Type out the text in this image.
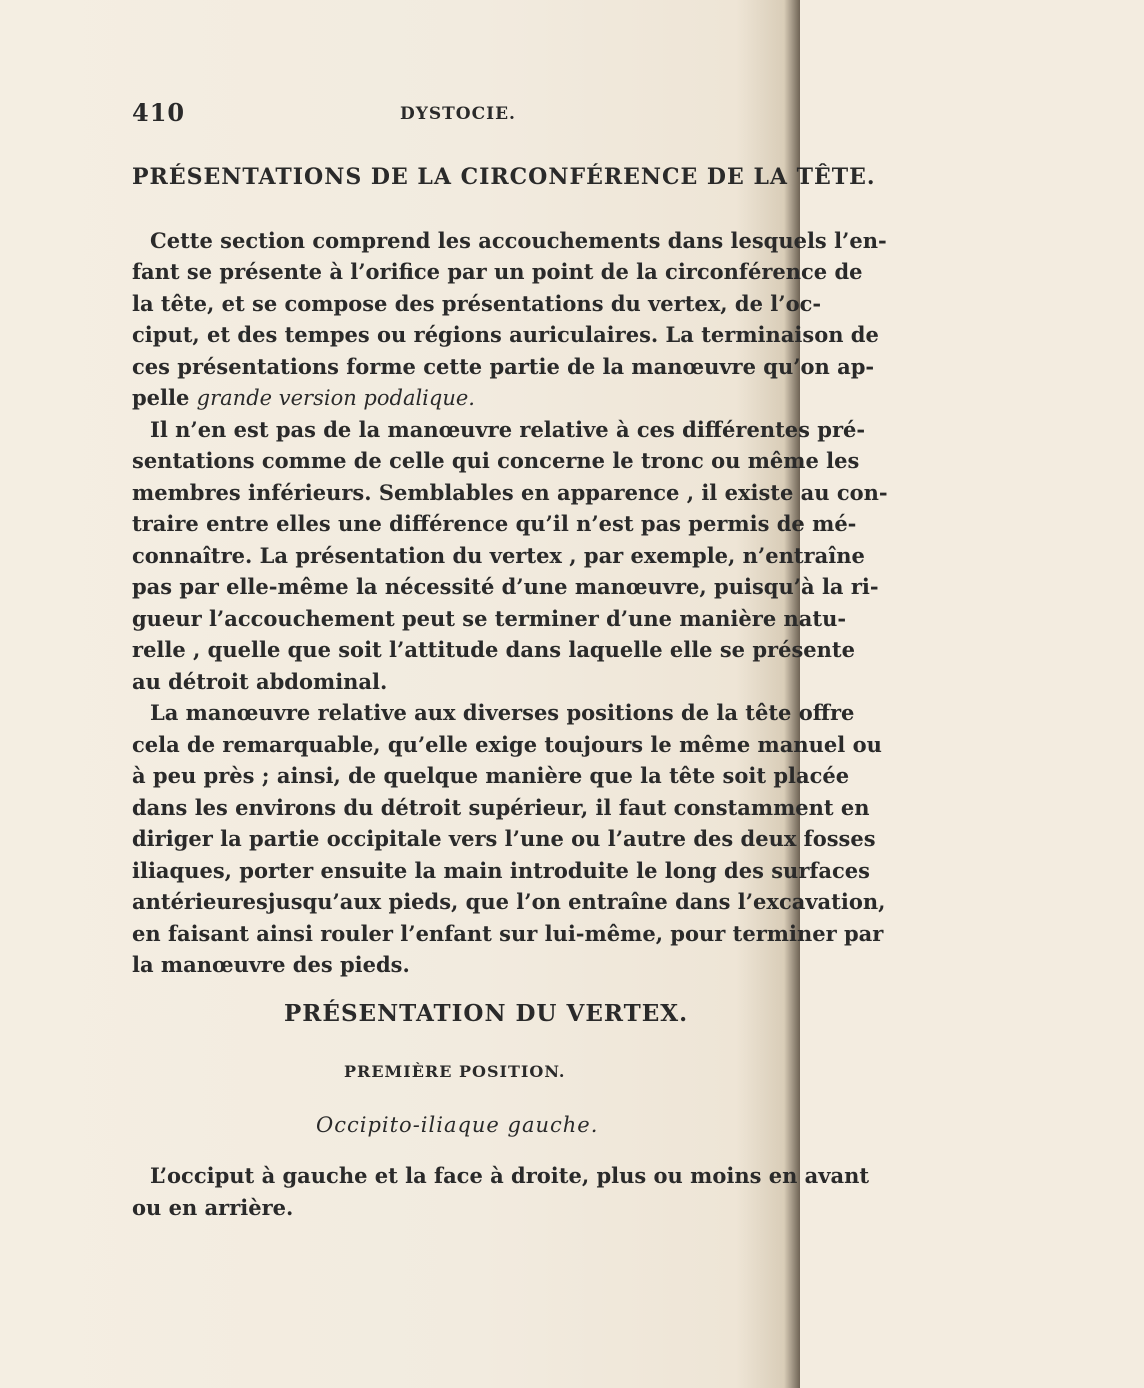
410	DYSTOCIE.
PRÉSENTATIONS DE LA CIRCONFÉRENCE DE LA TÊTE.
Cette section comprend les accouchements dans lesquels l’en-
fant se présente à l’orifice par un point de la circonférence de
la tête, et se compose des présentations du vertex, de l’oc-
ciput, et des tempes ou régions auriculaires. La terminaison de
ces présentations forme cette partie de la manœuvre qu’on ap-
pelle grande version podalique.
Il n’en est pas de la manœuvre relative à ces différentes pré-
sentations comme de celle qui concerne le tronc ou même les
membres inférieurs. Semblables en apparence , il existe au con-
traire entre elles une différence qu’il n’est pas permis de mé-
connaître. La présentation du vertex , par exemple, n’entraîne
pas par elle-même la nécessité d’une manœuvre, puisqu’à la ri-
gueur l’accouchement peut se terminer d’une manière natu-
relle , quelle que soit l’attitude dans laquelle elle se présente
au détroit abdominal.
La manœuvre relative aux diverses positions de la tête offre
cela de remarquable, qu’elle exige toujours le même manuel ou
à peu près ; ainsi, de quelque manière que la tête soit placée
dans les environs du détroit supérieur, il faut constamment en
diriger la partie occipitale vers l’une ou l’autre des deux fosses
iliaques, porter ensuite la main introduite le long des surfaces
antérieuresjusqu’aux pieds, que l’on entraîne dans l’excavation,
en faisant ainsi rouler l’enfant sur lui-même, pour terminer par
la manœuvre des pieds.
PRÉSENTATION DU VERTEX.
PREMIÈRE POSITION.
Occipito-iliaque gauche.
L’occiput à gauche et la face à droite, plus ou moins en avant
ou en arrière.
